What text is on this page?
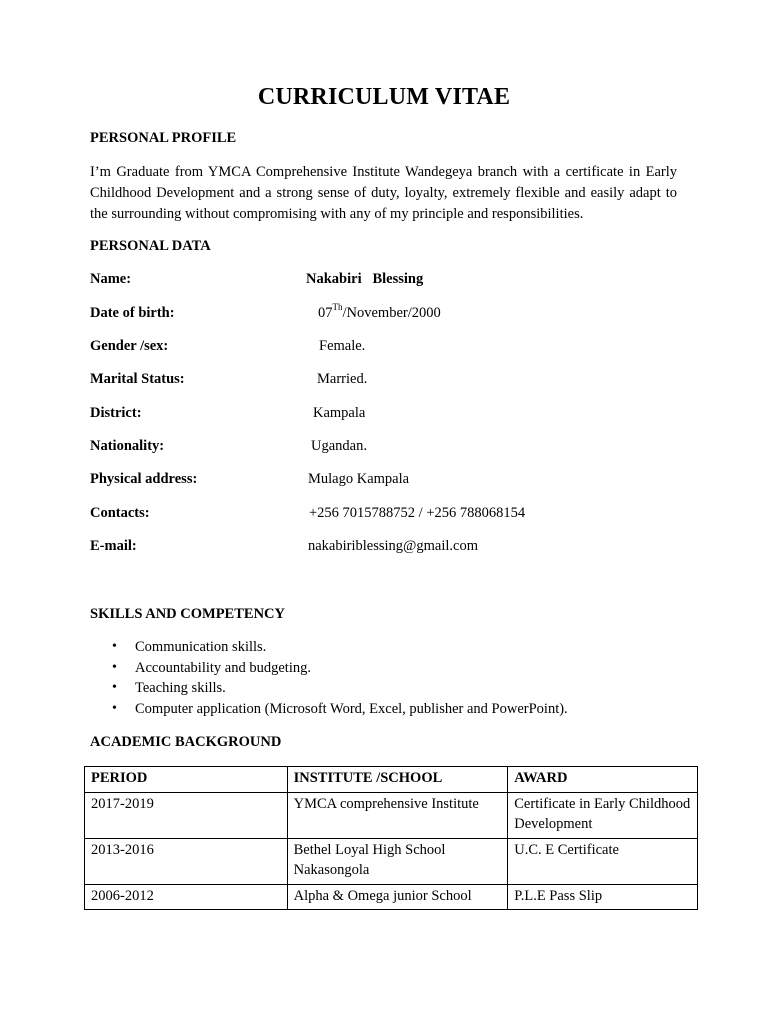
CURRICULUM VITAE
PERSONAL PROFILE
I’m Graduate from YMCA Comprehensive Institute Wandegeya branch with a certificate in Early Childhood Development and a strong sense of duty, loyalty, extremely flexible and easily adapt to the surrounding without compromising with any of my principle and responsibilities.
PERSONAL DATA
Name:	Nakabiri   Blessing
Date of birth:	07Th/November/2000
Gender /sex:	Female.
Marital Status:	Married.
District:	Kampala
Nationality:	Ugandan.
Physical address:	Mulago Kampala
Contacts:	+256 7015788752 / +256 788068154
E-mail:	nakabiriblessing@gmail.com
SKILLS AND COMPETENCY
• Communication skills.
• Accountability and budgeting.
• Teaching skills.
• Computer application (Microsoft Word, Excel, publisher and PowerPoint).
ACADEMIC BACKGROUND
PERIOD	INSTITUTE /SCHOOL	AWARD
2017-2019	YMCA comprehensive Institute	Certificate in Early Childhood Development
2013-2016	Bethel Loyal High School Nakasongola	U.C. E Certificate
2006-2012	Alpha & Omega junior School	P.L.E Pass Slip
